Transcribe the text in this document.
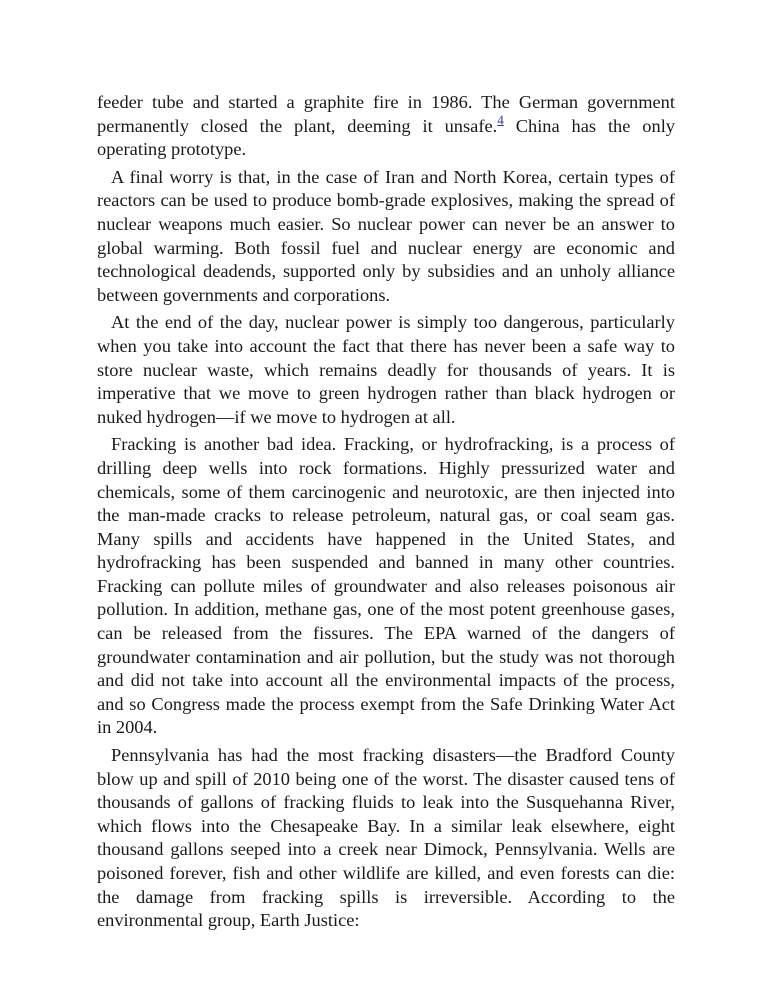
feeder tube and started a graphite fire in 1986. The German government permanently closed the plant, deeming it unsafe.$^4$ China has the only operating prototype.

A final worry is that, in the case of Iran and North Korea, certain types of reactors can be used to produce bomb-grade explosives, making the spread of nuclear weapons much easier. So nuclear power can never be an answer to global warming. Both fossil fuel and nuclear energy are economic and technological deadends, supported only by subsidies and an unholy alliance between governments and corporations.

At the end of the day, nuclear power is simply too dangerous, particularly when you take into account the fact that there has never been a safe way to store nuclear waste, which remains deadly for thousands of years. It is imperative that we move to green hydrogen rather than black hydrogen or nuked hydrogen—if we move to hydrogen at all.

Fracking is another bad idea. Fracking, or hydrofracking, is a process of drilling deep wells into rock formations. Highly pressurized water and chemicals, some of them carcinogenic and neurotoxic, are then injected into the man-made cracks to release petroleum, natural gas, or coal seam gas. Many spills and accidents have happened in the United States, and hydrofracking has been suspended and banned in many other countries. Fracking can pollute miles of groundwater and also releases poisonous air pollution. In addition, methane gas, one of the most potent greenhouse gases, can be released from the fissures. The EPA warned of the dangers of groundwater contamination and air pollution, but the study was not thorough and did not take into account all the environmental impacts of the process, and so Congress made the process exempt from the Safe Drinking Water Act in 2004.

Pennsylvania has had the most fracking disasters—the Bradford County blow up and spill of 2010 being one of the worst. The disaster caused tens of thousands of gallons of fracking fluids to leak into the Susquehanna River, which flows into the Chesapeake Bay. In a similar leak elsewhere, eight thousand gallons seeped into a creek near Dimock, Pennsylvania. Wells are poisoned forever, fish and other wildlife are killed, and even forests can die: the damage from fracking spills is irreversible. According to the environmental group, Earth Justice:
